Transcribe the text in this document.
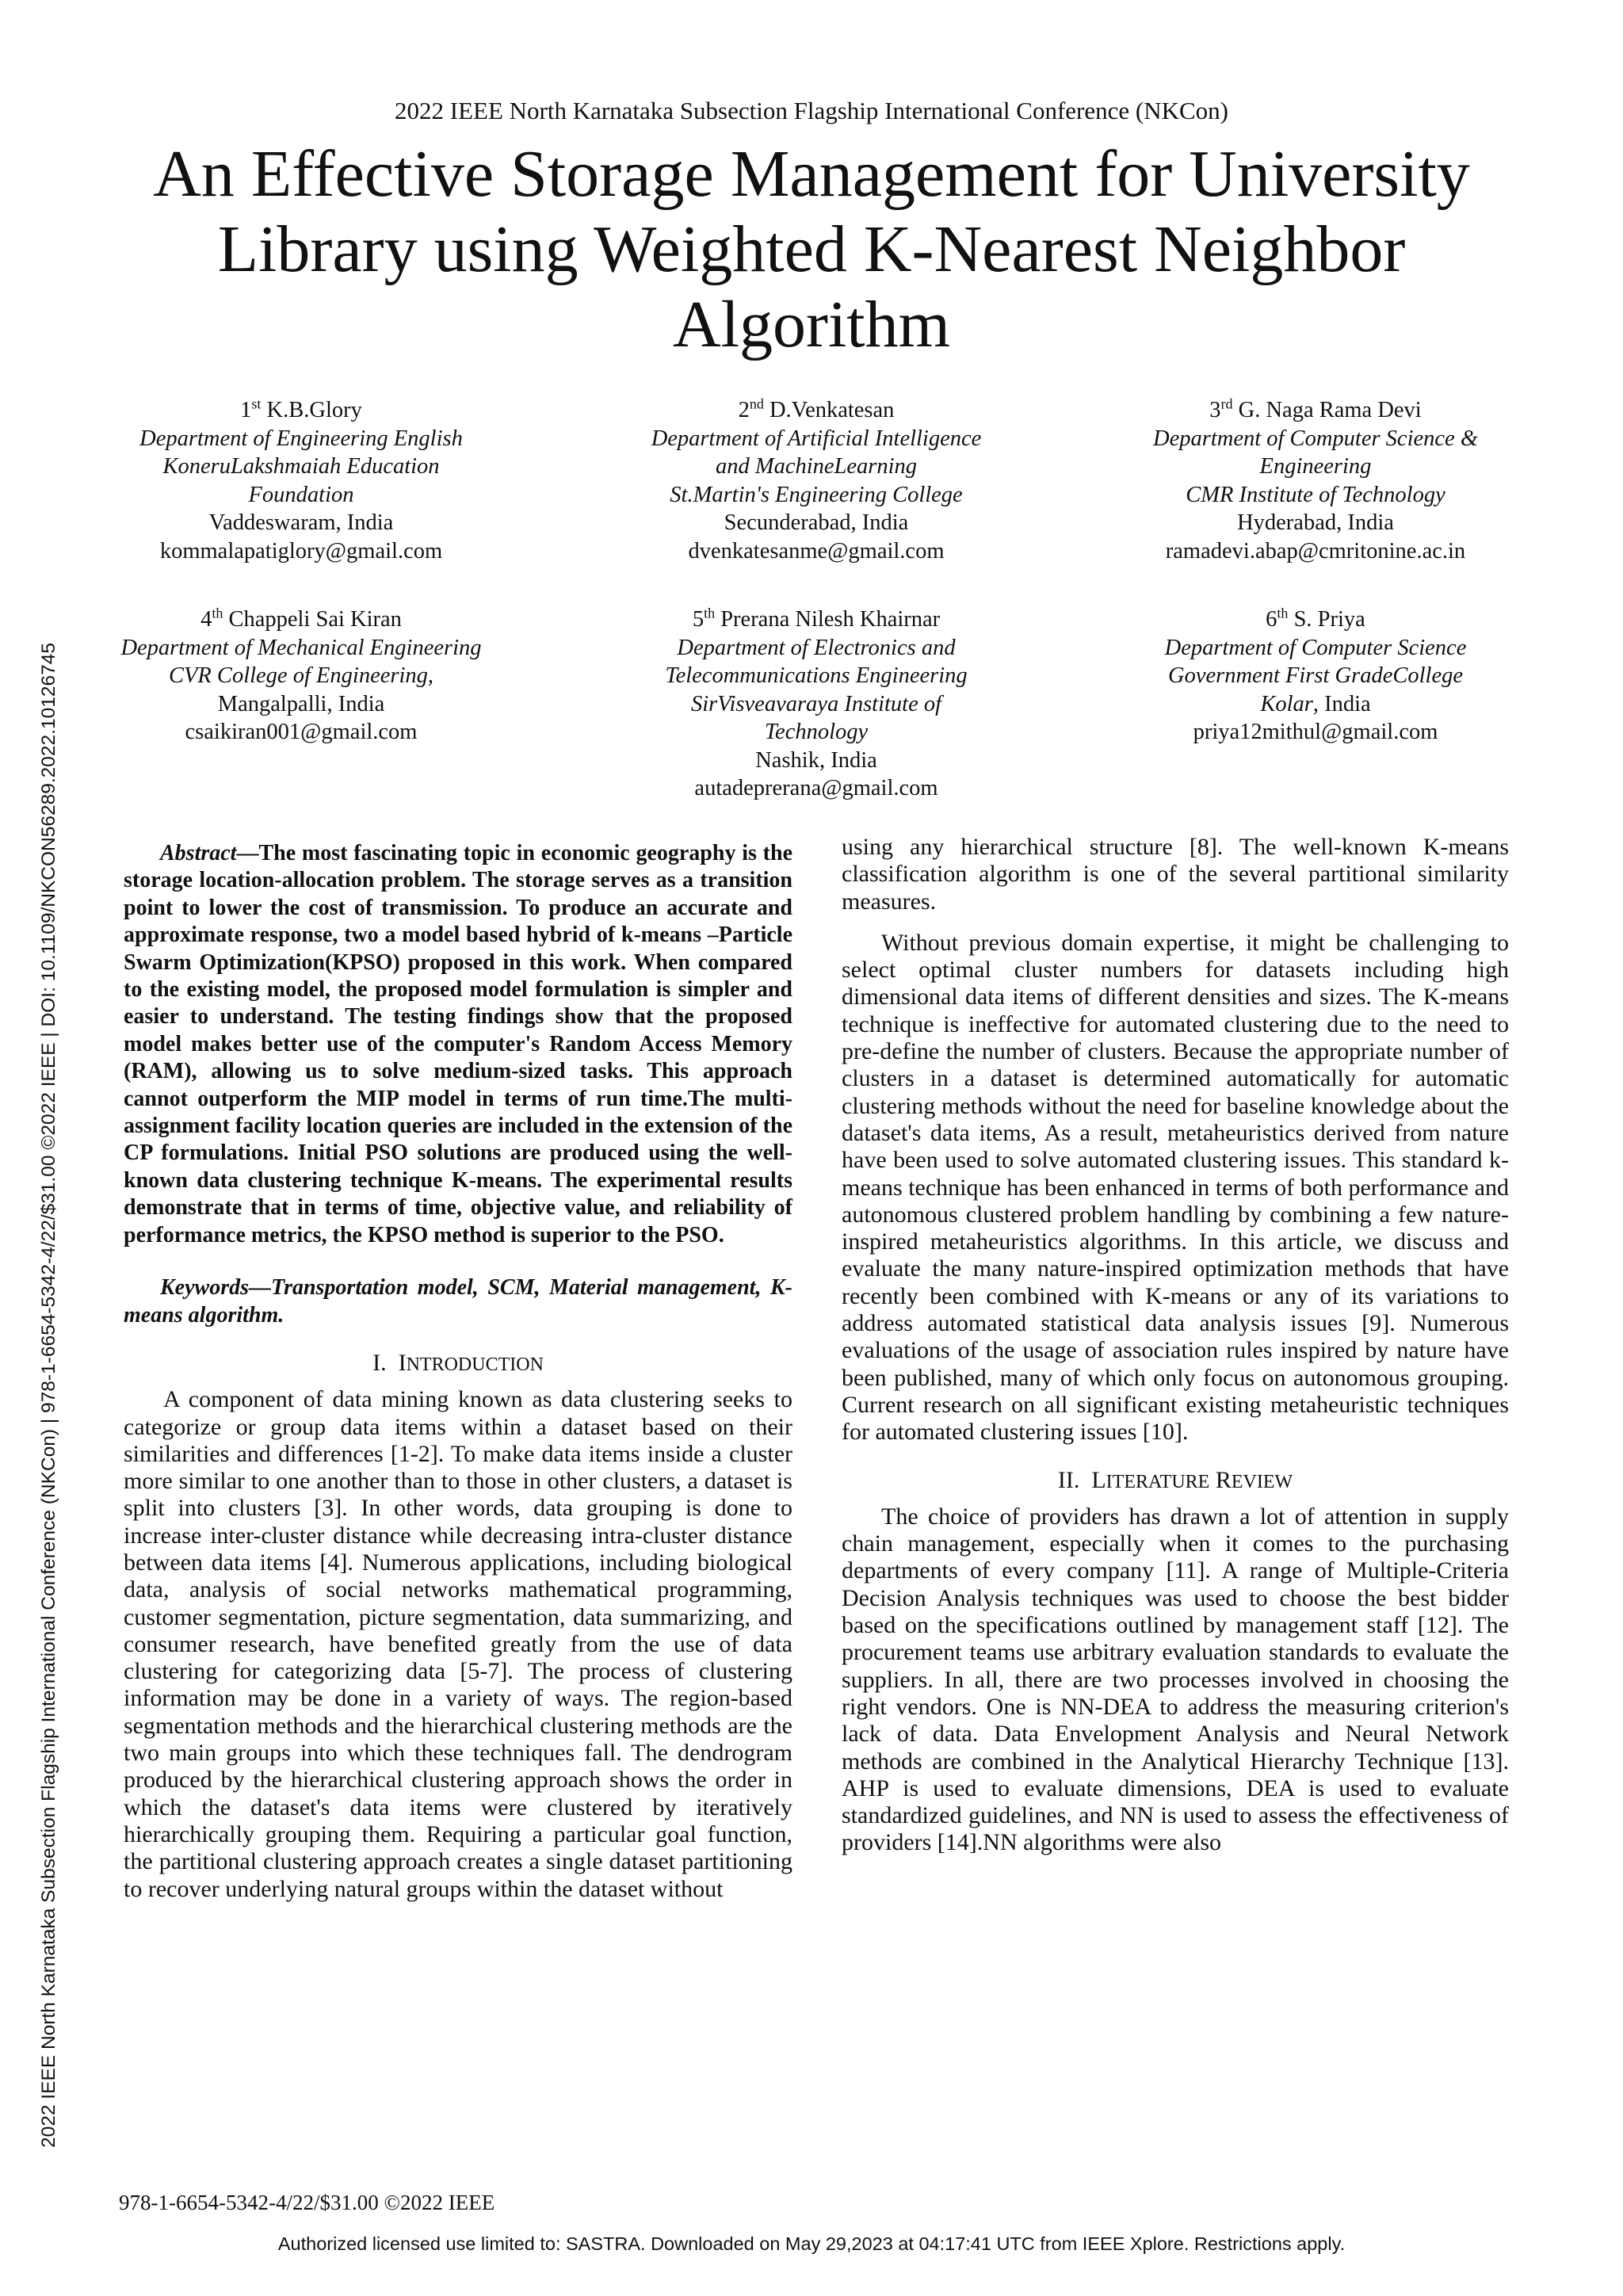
2022 IEEE North Karnataka Subsection Flagship International Conference (NKCon)
An Effective Storage Management for University
Library using Weighted K-Nearest Neighbor
Algorithm
1st K.B.Glory
Department of Engineering English
KoneruLakshmaiah Education
Foundation
Vaddeswaram, India
kommalapatiglory@gmail.com
2nd D.Venkatesan
Department of Artificial Intelligence
and MachineLearning
St.Martin's Engineering College
Secunderabad, India
dvenkatesanme@gmail.com
3rd G. Naga Rama Devi
Department of Computer Science &
Engineering
CMR Institute of Technology
Hyderabad, India
ramadevi.abap@cmritonine.ac.in
4th Chappeli Sai Kiran
Department of Mechanical Engineering
CVR College of Engineering,
Mangalpalli, India
csaikiran001@gmail.com
5th Prerana Nilesh Khairnar
Department of Electronics and
Telecommunications Engineering
SirVisveavaraya Institute of
Technology
Nashik, India
autadeprerana@gmail.com
6th S. Priya
Department of Computer Science
Government First GradeCollege
Kolar, India
priya12mithul@gmail.com
Abstract—The most fascinating topic in economic geography is the storage location-allocation problem. The storage serves as a transition point to lower the cost of transmission. To produce an accurate and approximate response, two a model based hybrid of k-means –Particle Swarm Optimization(KPSO) proposed in this work. When compared to the existing model, the proposed model formulation is simpler and easier to understand. The testing findings show that the proposed model makes better use of the computer's Random Access Memory (RAM), allowing us to solve medium-sized tasks. This approach cannot outperform the MIP model in terms of run time.The multi-assignment facility location queries are included in the extension of the CP formulations. Initial PSO solutions are produced using the well-known data clustering technique K-means. The experimental results demonstrate that in terms of time, objective value, and reliability of performance metrics, the KPSO method is superior to the PSO.
Keywords—Transportation model, SCM, Material management, K-means algorithm.
I. INTRODUCTION

A component of data mining known as data clustering seeks to categorize or group data items within a dataset based on their similarities and differences [1-2]. To make data items inside a cluster more similar to one another than to those in other clusters, a dataset is split into clusters [3]. In other words, data grouping is done to increase inter-cluster distance while decreasing intra-cluster distance between data items [4]. Numerous applications, including biological data, analysis of social networks mathematical programming, customer segmentation, picture segmentation, data summarizing, and consumer research, have benefited greatly from the use of data clustering for categorizing data [5-7]. The process of clustering information may be done in a variety of ways. The region-based segmentation methods and the hierarchical clustering methods are the two main groups into which these techniques fall. The dendrogram produced by the hierarchical clustering approach shows the order in which the dataset's data items were clustered by iteratively hierarchically grouping them. Requiring a particular goal function, the partitional clustering approach creates a single dataset partitioning to recover underlying natural groups within the dataset without

using any hierarchical structure [8]. The well-known K-means classification algorithm is one of the several partitional similarity measures.

Without previous domain expertise, it might be challenging to select optimal cluster numbers for datasets including high dimensional data items of different densities and sizes. The K-means technique is ineffective for automated clustering due to the need to pre-define the number of clusters. Because the appropriate number of clusters in a dataset is determined automatically for automatic clustering methods without the need for baseline knowledge about the dataset's data items, As a result, metaheuristics derived from nature have been used to solve automated clustering issues. This standard k-means technique has been enhanced in terms of both performance and autonomous clustered problem handling by combining a few nature-inspired metaheuristics algorithms. In this article, we discuss and evaluate the many nature-inspired optimization methods that have recently been combined with K-means or any of its variations to address automated statistical data analysis issues [9]. Numerous evaluations of the usage of association rules inspired by nature have been published, many of which only focus on autonomous grouping. Current research on all significant existing metaheuristic techniques for automated clustering issues [10].

II. LITERATURE REVIEW

The choice of providers has drawn a lot of attention in supply chain management, especially when it comes to the purchasing departments of every company [11]. A range of Multiple-Criteria Decision Analysis techniques was used to choose the best bidder based on the specifications outlined by management staff [12]. The procurement teams use arbitrary evaluation standards to evaluate the suppliers. In all, there are two processes involved in choosing the right vendors. One is NN-DEA to address the measuring criterion's lack of data. Data Envelopment Analysis and Neural Network methods are combined in the Analytical Hierarchy Technique [13]. AHP is used to evaluate dimensions, DEA is used to evaluate standardized guidelines, and NN is used to assess the effectiveness of providers [14].NN algorithms were also

2022 IEEE North Karnataka Subsection Flagship International Conference (NKCon) | 978-1-6654-5342-4/22/$31.00 ©2022 IEEE | DOI: 10.1109/NKCON56289.2022.10126745
978-1-6654-5342-4/22/$31.00 ©2022 IEEE
Authorized licensed use limited to: SASTRA. Downloaded on May 29,2023 at 04:17:41 UTC from IEEE Xplore. Restrictions apply.
